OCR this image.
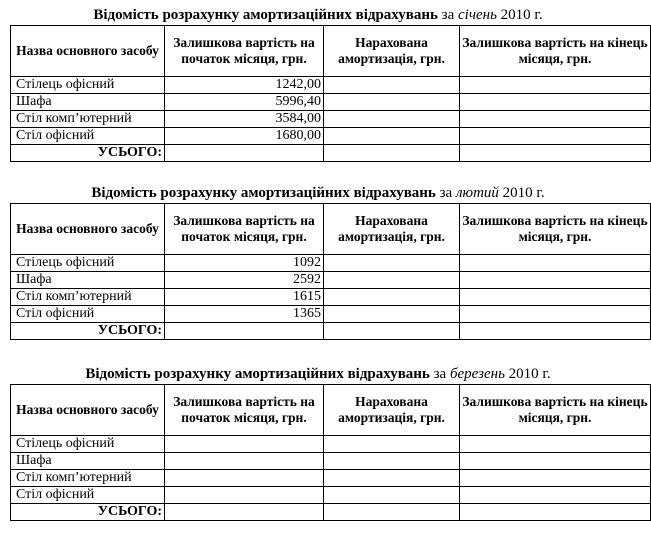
Відомість розрахунку амортизаційних відрахувань за січень 2010 г.
Назва основного засобу	Залишкова вартість на початок місяця, грн.	Нарахована амортизація, грн.	Залишкова вартість на кінець місяця, грн.
Стілець офісний	1242,00		
Шафа	5996,40		
Стіл комп’ютерний	3584,00		
Стіл офісний	1680,00		
УСЬОГО:			
Відомість розрахунку амортизаційних відрахувань за лютий 2010 г.
Назва основного засобу	Залишкова вартість на початок місяця, грн.	Нарахована амортизація, грн.	Залишкова вартість на кінець місяця, грн.
Стілець офісний	1092		
Шафа	2592		
Стіл комп’ютерний	1615		
Стіл офісний	1365		
УСЬОГО:			
Відомість розрахунку амортизаційних відрахувань за березень 2010 г.
Назва основного засобу	Залишкова вартість на початок місяця, грн.	Нарахована амортизація, грн.	Залишкова вартість на кінець місяця, грн.
Стілець офісний			
Шафа			
Стіл комп’ютерний			
Стіл офісний			
УСЬОГО:			
